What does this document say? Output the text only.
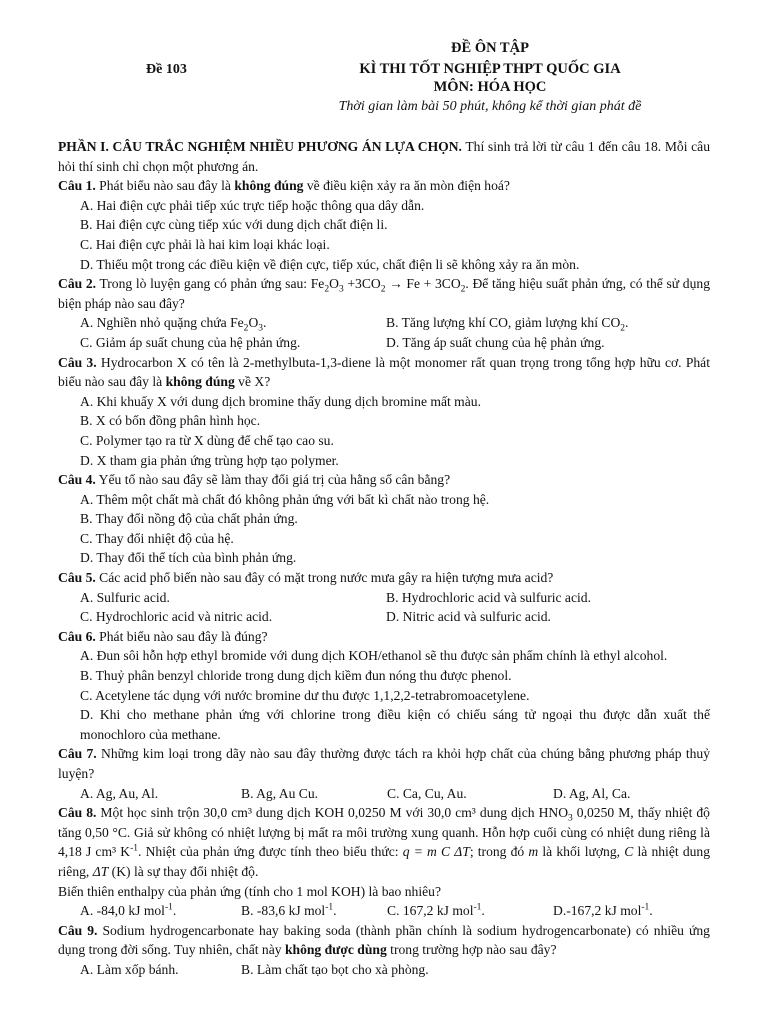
Đề 103
ĐỀ ÔN TẬP
KÌ THI TỐT NGHIỆP THPT QUỐC GIA
MÔN: HÓA HỌC
Thời gian làm bài 50 phút, không kể thời gian phát đề

PHẦN I. CÂU TRẮC NGHIỆM NHIỀU PHƯƠNG ÁN LỰA CHỌN. Thí sinh trả lời từ câu 1 đến câu 18. Mỗi câu hỏi thí sinh chỉ chọn một phương án.

Câu 1. Phát biểu nào sau đây là không đúng về điều kiện xảy ra ăn mòn điện hoá?

A. Hai điện cực phải tiếp xúc trực tiếp hoặc thông qua dây dẫn.

B. Hai điện cực cùng tiếp xúc với dung dịch chất điện li.

C. Hai điện cực phải là hai kim loại khác loại.

D. Thiếu một trong các điều kiện về điện cực, tiếp xúc, chất điện li sẽ không xảy ra ăn mòn.

Câu 2. Trong lò luyện gang có phản ứng sau: $Fe_2O_3 +3CO_2 \to Fe + 3CO_2$. Để tăng hiệu suất phản ứng, có thể sử dụng biện pháp nào sau đây?

A. Nghiền nhỏ quặng chứa $Fe_2O_3$.	B. Tăng lượng khí CO, giảm lượng khí $CO_2$.
C. Giảm áp suất chung của hệ phản ứng.	D. Tăng áp suất chung của hệ phản ứng.

Câu 3. Hydrocarbon X có tên là 2-methylbuta-1,3-diene là một monomer rất quan trọng trong tổng hợp hữu cơ. Phát biểu nào sau đây là không đúng về X?

A. Khi khuấy X với dung dịch bromine thấy dung dịch bromine mất màu.

B. X có bốn đồng phân hình học.

C. Polymer tạo ra từ X dùng để chế tạo cao su.

D. X tham gia phản ứng trùng hợp tạo polymer.

Câu 4. Yếu tố nào sau đây sẽ làm thay đổi giá trị của hằng số cân bằng?

A. Thêm một chất mà chất đó không phản ứng với bất kì chất nào trong hệ.

B. Thay đổi nồng độ của chất phản ứng.

C. Thay đổi nhiệt độ của hệ.

D. Thay đổi thể tích của bình phản ứng.

Câu 5. Các acid phổ biến nào sau đây có mặt trong nước mưa gây ra hiện tượng mưa acid?

A. Sulfuric acid.	B. Hydrochloric acid và sulfuric acid.
C. Hydrochloric acid và nitric acid.	D. Nitric acid và sulfuric acid.

Câu 6. Phát biểu nào sau đây là đúng?

A. Đun sôi hỗn hợp ethyl bromide với dung dịch KOH/ethanol sẽ thu được sản phẩm chính là ethyl alcohol.

B. Thuỷ phân benzyl chloride trong dung dịch kiềm đun nóng thu được phenol.

C. Acetylene tác dụng với nước bromine dư thu được 1,1,2,2-tetrabromoacetylene.

D. Khi cho methane phản ứng với chlorine trong điều kiện có chiếu sáng tử ngoại thu được dẫn xuất thế monochloro của methane.

Câu 7. Những kim loại trong dãy nào sau đây thường được tách ra khỏi hợp chất của chúng bằng phương pháp thuỷ luyện?

A. Ag, Au, Al.	B. Ag, Au Cu.	C. Ca, Cu, Au.	D. Ag, Al, Ca.

Câu 8. Một học sinh trộn 30,0 cm³ dung dịch KOH 0,0250 M với 30,0 cm³ dung dịch $HNO_3$ 0,0250 M, thấy nhiệt độ tăng 0,50 °C. Giả sử không có nhiệt lượng bị mất ra môi trường xung quanh. Hỗn hợp cuối cùng có nhiệt dung riêng là 4,18 J cm³ $K^{-1}$. Nhiệt của phản ứng được tính theo biểu thức: q = m C ΔT; trong đó m là khối lượng, C là nhiệt dung riêng, ΔT (K) là sự thay đổi nhiệt độ.

Biến thiên enthalpy của phản ứng (tính cho 1 mol KOH) là bao nhiêu?

A. -84,0 kJ mol$^{-1}$.	B. -83,6 kJ mol$^{-1}$.	C. 167,2 kJ mol$^{-1}$.	D.-167,2 kJ mol$^{-1}$.

Câu 9. Sodium hydrogencarbonate hay baking soda (thành phần chính là sodium hydrogencarbonate) có nhiều ứng dụng trong đời sống. Tuy nhiên, chất này không được dùng trong trường hợp nào sau đây?

A. Làm xốp bánh.	B. Làm chất tạo bọt cho xà phòng.
